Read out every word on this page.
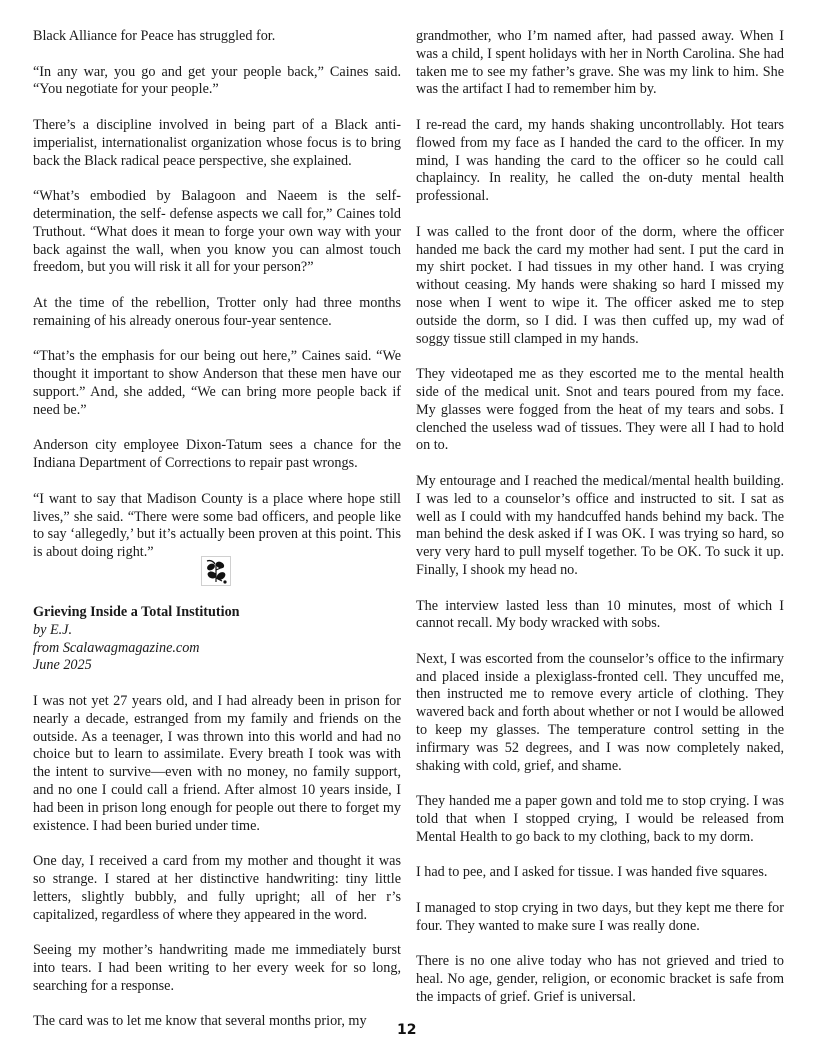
Black Alliance for Peace has struggled for.

“In any war, you go and get your people back,” Caines said. “You negotiate for your people.”

There’s a discipline involved in being part of a Black anti-imperialist, internationalist organization whose focus is to bring back the Black radical peace perspective, she explained.

“What’s embodied by Balagoon and Naeem is the self-determination, the self- defense aspects we call for,” Caines told Truthout. “What does it mean to forge your own way with your back against the wall, when you know you can almost touch freedom, but you will risk it all for your person?”

At the time of the rebellion, Trotter only had three months remaining of his already onerous four-year sentence.

“That’s the emphasis for our being out here,” Caines said. “We thought it important to show Anderson that these men have our support.” And, she added, “We can bring more people back if need be.”

Anderson city employee Dixon-Tatum sees a chance for the Indiana Department of Corrections to repair past wrongs.

“I want to say that Madison County is a place where hope still lives,” she said. “There were some bad officers, and people like to say ‘allegedly,’ but it’s actually been proven at this point. This is about doing right.”

Grieving Inside a Total Institution
by E.J.
from Scalawagmagazine.com
June 2025

I was not yet 27 years old, and I had already been in prison for nearly a decade, estranged from my family and friends on the outside. As a teenager, I was thrown into this world and had no choice but to learn to assimilate. Every breath I took was with the intent to survive—even with no money, no family support, and no one I could call a friend. After almost 10 years inside, I had been in prison long enough for people out there to forget my existence. I had been buried under time.

One day, I received a card from my mother and thought it was so strange. I stared at her distinctive handwriting: tiny little letters, slightly bubbly, and fully upright; all of her r’s capitalized, regardless of where they appeared in the word.

Seeing my mother’s handwriting made me immediately burst into tears. I had been writing to her every week for so long, searching for a response.

The card was to let me know that several months prior, my

grandmother, who I’m named after, had passed away. When I was a child, I spent holidays with her in North Carolina. She had taken me to see my father’s grave. She was my link to him. She was the artifact I had to remember him by.

I re-read the card, my hands shaking uncontrollably. Hot tears flowed from my face as I handed the card to the officer. In my mind, I was handing the card to the officer so he could call chaplaincy. In reality, he called the on-duty mental health professional.

I was called to the front door of the dorm, where the officer handed me back the card my mother had sent. I put the card in my shirt pocket. I had tissues in my other hand. I was crying without ceasing. My hands were shaking so hard I missed my nose when I went to wipe it. The officer asked me to step outside the dorm, so I did. I was then cuffed up, my wad of soggy tissue still clamped in my hands.

They videotaped me as they escorted me to the mental health side of the medical unit. Snot and tears poured from my face. My glasses were fogged from the heat of my tears and sobs. I clenched the useless wad of tissues. They were all I had to hold on to.

My entourage and I reached the medical/mental health building. I was led to a counselor’s office and instructed to sit. I sat as well as I could with my handcuffed hands behind my back. The man behind the desk asked if I was OK. I was trying so hard, so very very hard to pull myself together. To be OK. To suck it up. Finally, I shook my head no.

The interview lasted less than 10 minutes, most of which I cannot recall. My body wracked with sobs.

Next, I was escorted from the counselor’s office to the infirmary and placed inside a plexiglass-fronted cell. They uncuffed me, then instructed me to remove every article of clothing. They wavered back and forth about whether or not I would be allowed to keep my glasses. The temperature control setting in the infirmary was 52 degrees, and I was now completely naked, shaking with cold, grief, and shame.

They handed me a paper gown and told me to stop crying. I was told that when I stopped crying, I would be released from Mental Health to go back to my clothing, back to my dorm.

I had to pee, and I asked for tissue. I was handed five squares.

I managed to stop crying in two days, but they kept me there for four. They wanted to make sure I was really done.

There is no one alive today who has not grieved and tried to heal. No age, gender, religion, or economic bracket is safe from the impacts of grief. Grief is universal.

12
